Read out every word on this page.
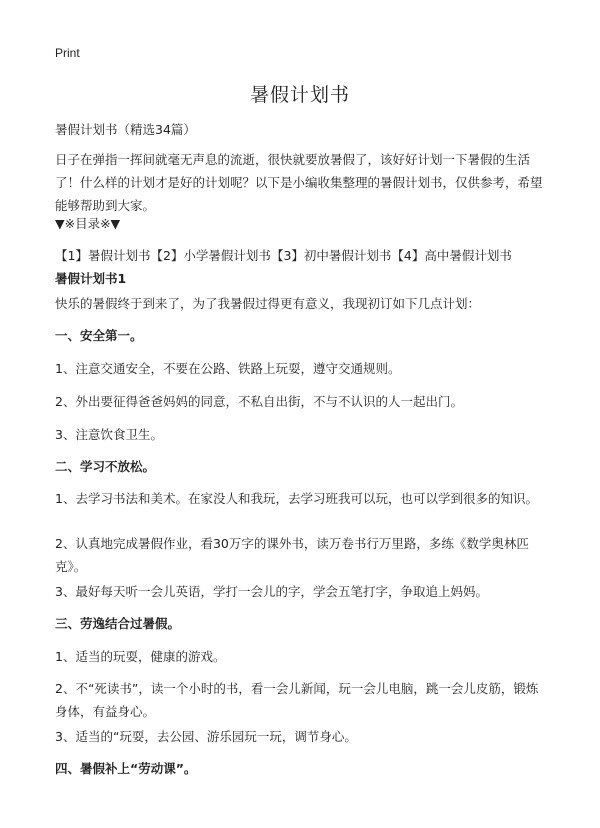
Print
暑假计划书

暑假计划书（精选34篇）

日子在弹指一挥间就毫无声息的流逝，很快就要放暑假了，该好好计划一下暑假的生活了！什么样的计划才是好的计划呢？以下是小编收集整理的暑假计划书，仅供参考，希望能够帮助到大家。

▼※目录※▼

【1】暑假计划书【2】小学暑假计划书【3】初中暑假计划书【4】高中暑假计划书
暑假计划书1

快乐的暑假终于到来了，为了我暑假过得更有意义，我现初订如下几点计划：

一、安全第一。

1、注意交通安全，不要在公路、铁路上玩耍，遵守交通规则。

2、外出要征得爸爸妈妈的同意，不私自出街，不与不认识的人一起出门。

3、注意饮食卫生。

二、学习不放松。

1、去学习书法和美术。在家没人和我玩，去学习班我可以玩，也可以学到很多的知识。

2、认真地完成暑假作业，看30万字的课外书，读万卷书行万里路，多练《数学奥林匹克》。

3、最好每天听一会儿英语，学打一会儿的字，学会五笔打字，争取追上妈妈。

三、劳逸结合过暑假。

1、适当的玩耍，健康的游戏。

2、不“死读书”，读一个小时的书，看一会儿新闻，玩一会儿电脑，跳一会儿皮筋，锻炼身体，有益身心。

3、适当的“玩耍，去公园、游乐园玩一玩，调节身心。

四、暑假补上“劳动课”。
